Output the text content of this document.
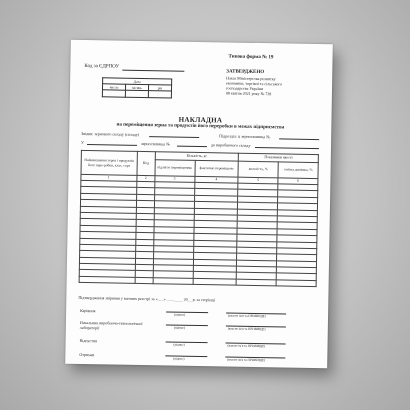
Код за ЄДРПОУ
Дата		
число	місяць	рік

Типова форма № 19
ЗАТВЕРДЖЕНО
Наказ Міністерства розвитку
економіки, торгівлі та сільського
господарства України
08 квітня 2021 року № 728
НАКЛАДНА
на переміщення зерна та продуктів його переробки в межах підприємства
Звідки: зернового складу (складу)	Підрозділ: ц зерносховища №
У	зерносховища №	до виробничого складу
Найменування зерна і продуктів його пере-робки, клас, сорт	Код	Кількість, кг		Показники якості	
		підлягає переміщенню	фактично переміщено	вологість, %	смітна домішка, %
1	2	3	4	5	6

Підтвердження звіряння у вагових реєстрі за «___» ________ 20__ р. за сторінці
Керівник
(підпис)	(власне ім'я та ПРІЗВИЩЕ)
Начальник виробничо-технологічної лабораторії	(підпис)	(власне ім'я та ПРІЗВИЩЕ)
Відпустив
(підпис)	(власне ім'я та ПРІЗВИЩЕ)
Отримав
(підпис)	(власне ім'я та ПРІЗВИЩЕ)
